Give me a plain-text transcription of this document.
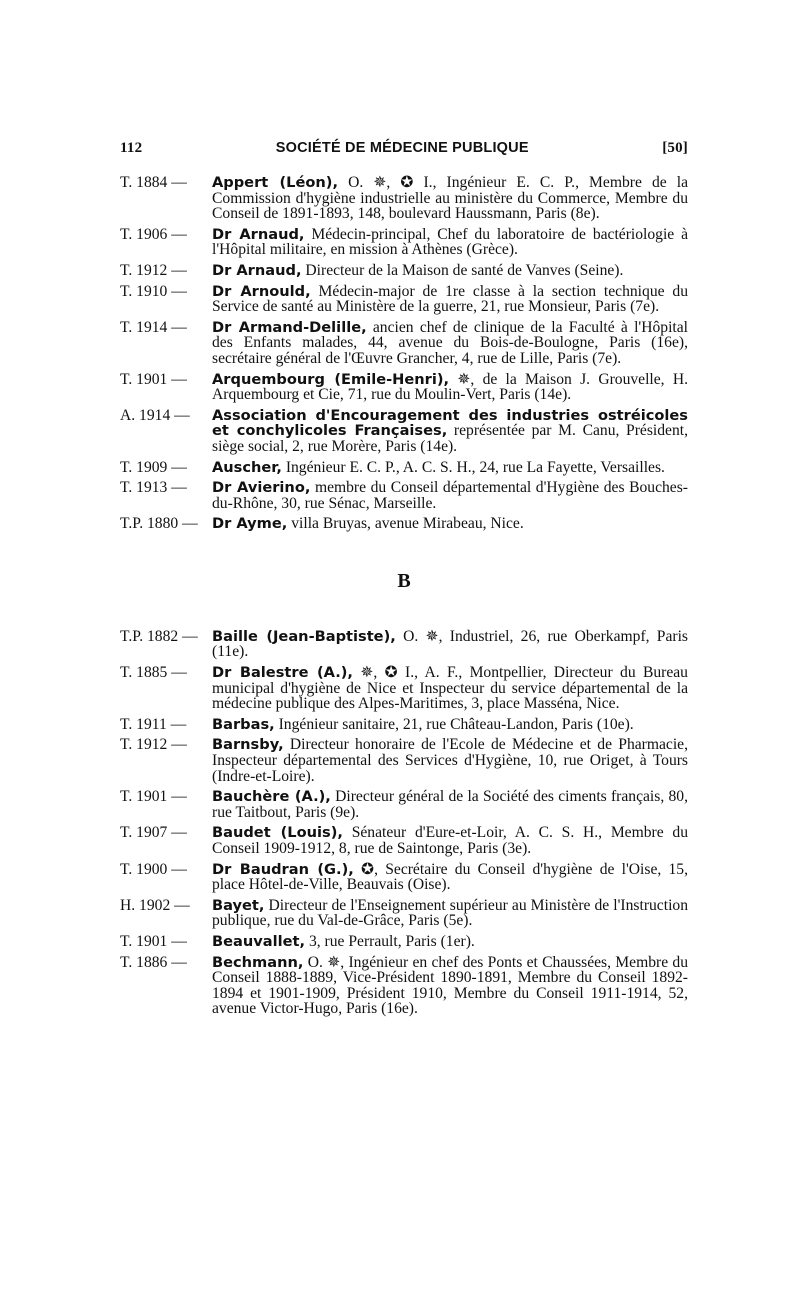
112	SOCIÉTÉ DE MÉDECINE PUBLIQUE	[50]
T. 1884 —	Appert (Léon), O. ✵, ✪ I., Ingénieur E. C. P., Membre de la Commission d'hygiène industrielle au ministère du Commerce, Membre du Conseil de 1891-1893, 148, boulevard Haussmann, Paris (8e).
T. 1906 —	Dr Arnaud, Médecin-principal, Chef du laboratoire de bactériologie à l'Hôpital militaire, en mission à Athènes (Grèce).
T. 1912 —	Dr Arnaud, Directeur de la Maison de santé de Vanves (Seine).
T. 1910 —	Dr Arnould, Médecin-major de 1re classe à la section technique du Service de santé au Ministère de la guerre, 21, rue Monsieur, Paris (7e).
T. 1914 —	Dr Armand-Delille, ancien chef de clinique de la Faculté à l'Hôpital des Enfants malades, 44, avenue du Bois-de-Boulogne, Paris (16e), secrétaire général de l'Œuvre Grancher, 4, rue de Lille, Paris (7e).
T. 1901 —	Arquembourg (Emile-Henri), ✵, de la Maison J. Grouvelle, H. Arquembourg et Cie, 71, rue du Moulin-Vert, Paris (14e).
A. 1914 —	Association d'Encouragement des industries ostréicoles et conchylicoles Françaises, représentée par M. Canu, Président, siège social, 2, rue Morère, Paris (14e).
T. 1909 —	Auscher, Ingénieur E. C. P., A. C. S. H., 24, rue La Fayette, Versailles.
T. 1913 —	Dr Avierino, membre du Conseil départemental d'Hygiène des Bouches-du-Rhône, 30, rue Sénac, Marseille.
T.P. 1880 — Dr Ayme, villa Bruyas, avenue Mirabeau, Nice.
B
T.P. 1882 — Baille (Jean-Baptiste), O. ✵, Industriel, 26, rue Oberkampf, Paris (11e).
T. 1885 —	Dr Balestre (A.), ✵, ✪ I., A. F., Montpellier, Directeur du Bureau municipal d'hygiène de Nice et Inspecteur du service départemental de la médecine publique des Alpes-Maritimes, 3, place Masséna, Nice.
T. 1911 —	Barbas, Ingénieur sanitaire, 21, rue Château-Landon, Paris (10e).
T. 1912 —	Barnsby, Directeur honoraire de l'Ecole de Médecine et de Pharmacie, Inspecteur départemental des Services d'Hygiène, 10, rue Origet, à Tours (Indre-et-Loire).
T. 1901 —	Bauchère (A.), Directeur général de la Société des ciments français, 80, rue Taitbout, Paris (9e).
T. 1907 —	Baudet (Louis), Sénateur d'Eure-et-Loir, A. C. S. H., Membre du Conseil 1909-1912, 8, rue de Saintonge, Paris (3e).
T. 1900 —	Dr Baudran (G.), ✪, Secrétaire du Conseil d'hygiène de l'Oise, 15, place Hôtel-de-Ville, Beauvais (Oise).
H. 1902 —	Bayet, Directeur de l'Enseignement supérieur au Ministère de l'Instruction publique, rue du Val-de-Grâce, Paris (5e).
T. 1901 —	Beauvallet, 3, rue Perrault, Paris (1er).
T. 1886 —	Bechmann, O. ✵, Ingénieur en chef des Ponts et Chaussées, Membre du Conseil 1888-1889, Vice-Président 1890-1891, Membre du Conseil 1892-1894 et 1901-1909, Président 1910, Membre du Conseil 1911-1914, 52, avenue Victor-Hugo, Paris (16e).
